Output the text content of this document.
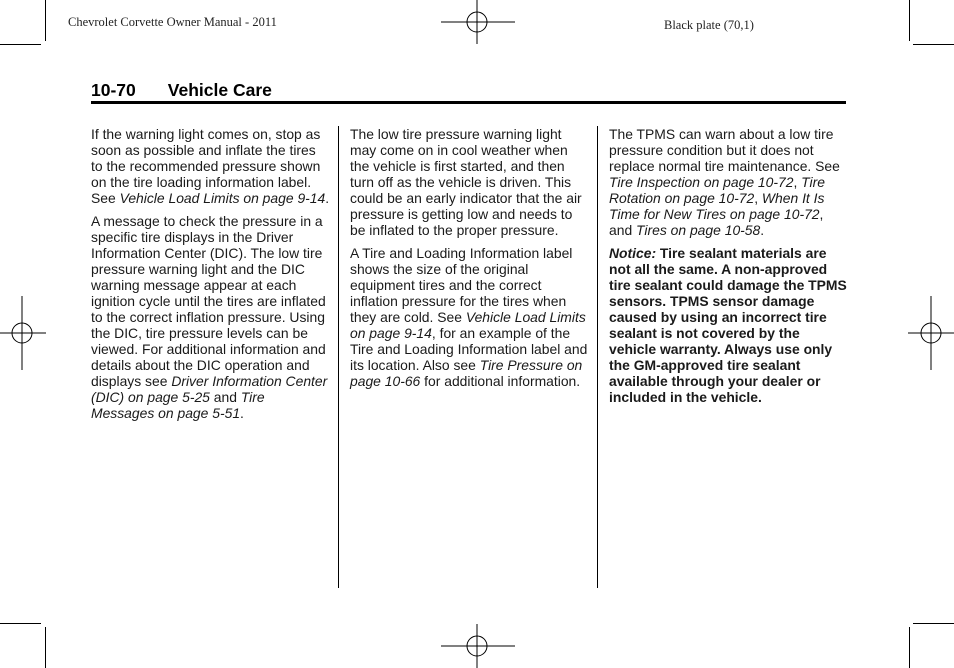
Chevrolet Corvette Owner Manual - 2011	Black plate (70,1)
10-70 Vehicle Care

If the warning light comes on, stop as soon as possible and inflate the tires to the recommended pressure shown on the tire loading information label. See Vehicle Load Limits on page 9-14.

A message to check the pressure in a specific tire displays in the Driver Information Center (DIC). The low tire pressure warning light and the DIC warning message appear at each ignition cycle until the tires are inflated to the correct inflation pressure. Using the DIC, tire pressure levels can be viewed. For additional information and details about the DIC operation and displays see Driver Information Center (DIC) on page 5-25 and Tire Messages on page 5-51.

The low tire pressure warning light may come on in cool weather when the vehicle is first started, and then turn off as the vehicle is driven. This could be an early indicator that the air pressure is getting low and needs to be inflated to the proper pressure.

A Tire and Loading Information label shows the size of the original equipment tires and the correct inflation pressure for the tires when they are cold. See Vehicle Load Limits on page 9-14, for an example of the Tire and Loading Information label and its location. Also see Tire Pressure on page 10-66 for additional information.

The TPMS can warn about a low tire pressure condition but it does not replace normal tire maintenance. See Tire Inspection on page 10-72, Tire Rotation on page 10-72, When It Is Time for New Tires on page 10-72, and Tires on page 10-58.

Notice: Tire sealant materials are not all the same. A non-approved tire sealant could damage the TPMS sensors. TPMS sensor damage caused by using an incorrect tire sealant is not covered by the vehicle warranty. Always use only the GM-approved tire sealant available through your dealer or included in the vehicle.
